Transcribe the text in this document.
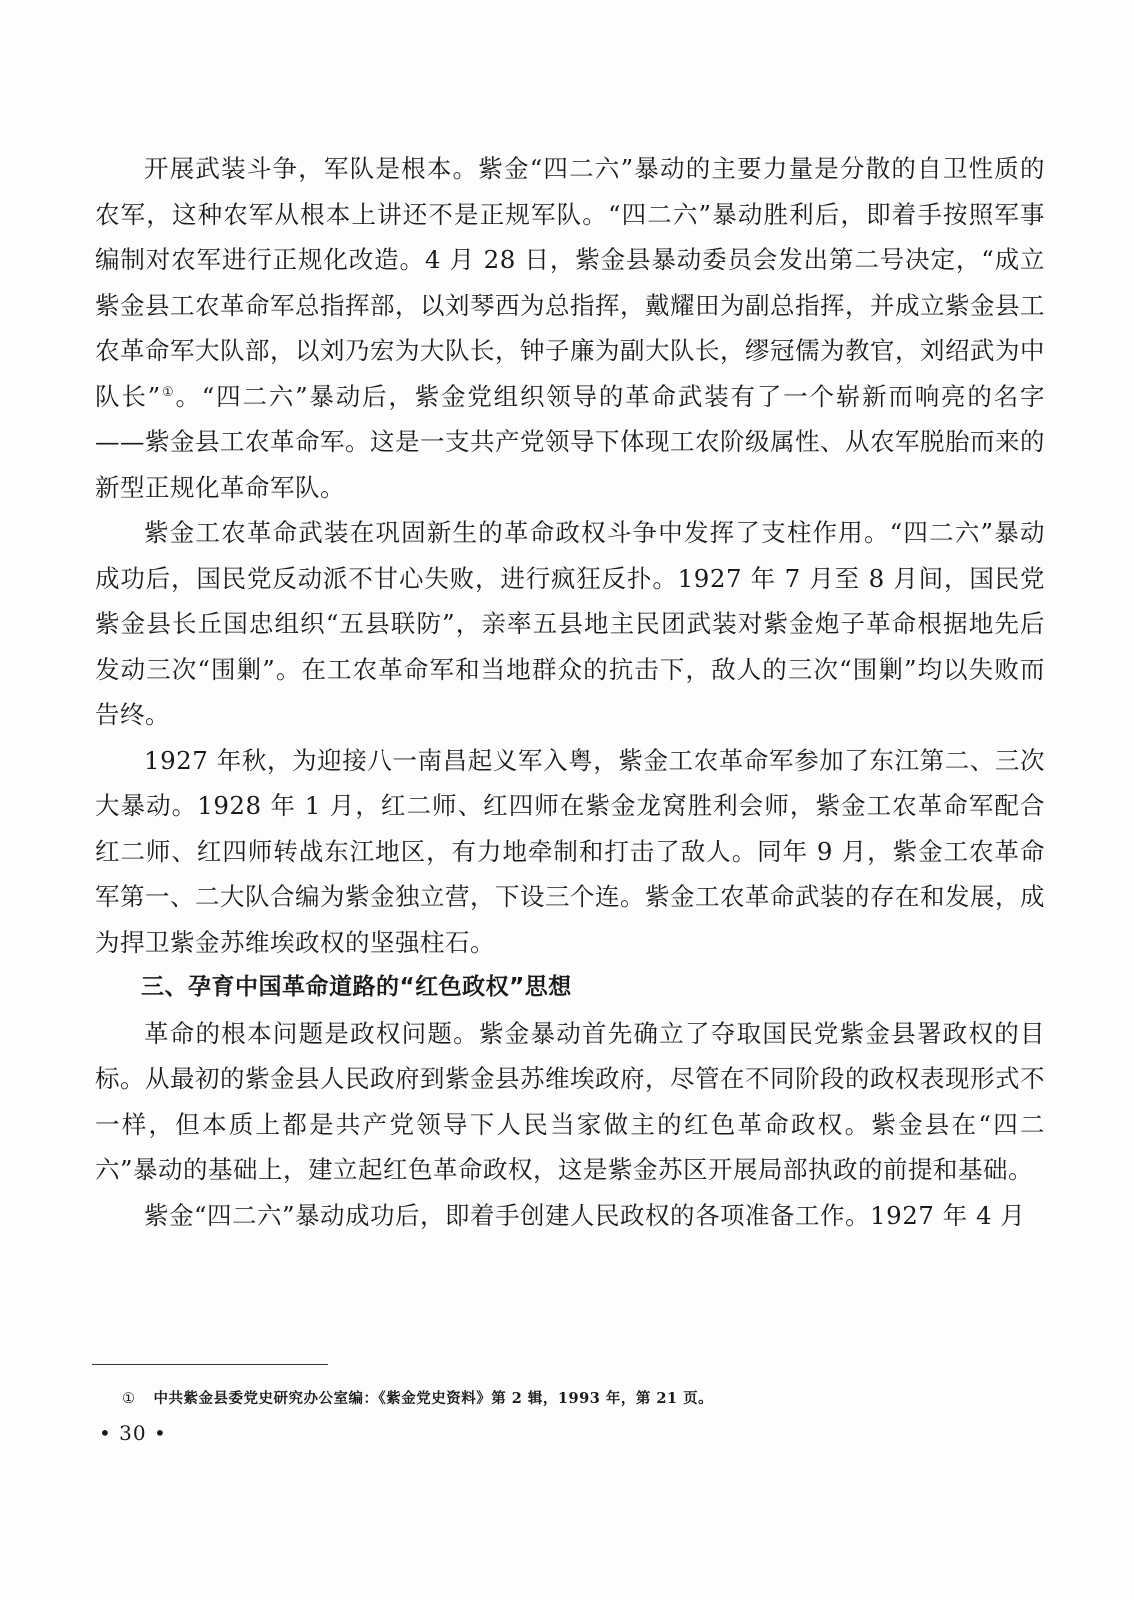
开展武装斗争，军队是根本。紫金“四二六”暴动的主要力量是分散的自卫性质的农军，这种农军从根本上讲还不是正规军队。“四二六”暴动胜利后，即着手按照军事编制对农军进行正规化改造。4 月 28 日，紫金县暴动委员会发出第二号决定，“成立紫金县工农革命军总指挥部，以刘琴西为总指挥，戴耀田为副总指挥，并成立紫金县工农革命军大队部，以刘乃宏为大队长，钟子廉为副大队长，缪冠儒为教官，刘绍武为中队长”①。“四二六”暴动后，紫金党组织领导的革命武装有了一个崭新而响亮的名字——紫金县工农革命军。这是一支共产党领导下体现工农阶级属性、从农军脱胎而来的新型正规化革命军队。

紫金工农革命武装在巩固新生的革命政权斗争中发挥了支柱作用。“四二六”暴动成功后，国民党反动派不甘心失败，进行疯狂反扑。1927 年 7 月至 8 月间，国民党紫金县长丘国忠组织“五县联防”，亲率五县地主民团武装对紫金炮子革命根据地先后发动三次“围剿”。在工农革命军和当地群众的抗击下，敌人的三次“围剿”均以失败而告终。

1927 年秋，为迎接八一南昌起义军入粤，紫金工农革命军参加了东江第二、三次大暴动。1928 年 1 月，红二师、红四师在紫金龙窝胜利会师，紫金工农革命军配合红二师、红四师转战东江地区，有力地牵制和打击了敌人。同年 9 月，紫金工农革命军第一、二大队合编为紫金独立营，下设三个连。紫金工农革命武装的存在和发展，成为捍卫紫金苏维埃政权的坚强柱石。

三、孕育中国革命道路的“红色政权”思想

革命的根本问题是政权问题。紫金暴动首先确立了夺取国民党紫金县署政权的目标。从最初的紫金县人民政府到紫金县苏维埃政府，尽管在不同阶段的政权表现形式不一样，但本质上都是共产党领导下人民当家做主的红色革命政权。紫金县在“四二六”暴动的基础上，建立起红色革命政权，这是紫金苏区开展局部执政的前提和基础。

紫金“四二六”暴动成功后，即着手创建人民政权的各项准备工作。1927 年 4 月

① 中共紫金县委党史研究办公室编：《紫金党史资料》第 2 辑，1993 年，第 21 页。
• 30 •
